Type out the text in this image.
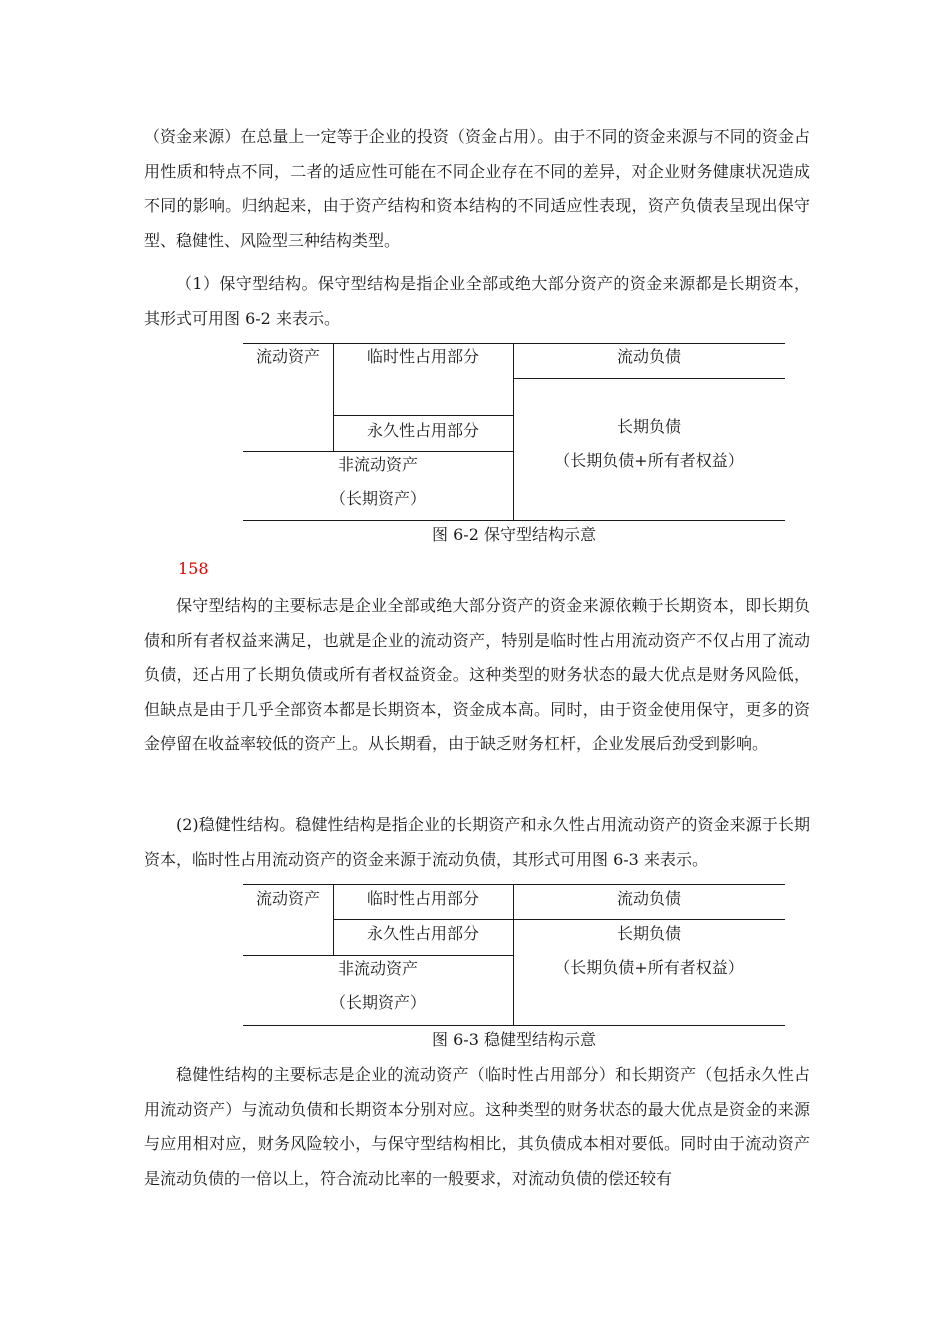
（资金来源）在总量上一定等于企业的投资（资金占用）。由于不同的资金来源与不同的资金占用性质和特点不同，二者的适应性可能在不同企业存在不同的差异，对企业财务健康状况造成不同的影响。归纳起来，由于资产结构和资本结构的不同适应性表现，资产负债表呈现出保守型、稳健性、风险型三种结构类型。

（1）保守型结构。保守型结构是指企业全部或绝大部分资产的资金来源都是长期资本，其形式可用图 6-2 来表示。

流动资产	临时性占用部分
永久性占用部分
非流动资产
（长期资产）
流动负债
长期负债
（长期负债+所有者权益）
图 6-2 保守型结构示意
158

保守型结构的主要标志是企业全部或绝大部分资产的资金来源依赖于长期资本，即长期负债和所有者权益来满足，也就是企业的流动资产，特别是临时性占用流动资产不仅占用了流动负债，还占用了长期负债或所有者权益资金。这种类型的财务状态的最大优点是财务风险低，但缺点是由于几乎全部资本都是长期资本，资金成本高。同时，由于资金使用保守，更多的资金停留在收益率较低的资产上。从长期看，由于缺乏财务杠杆，企业发展后劲受到影响。

(2)稳健性结构。稳健性结构是指企业的长期资产和永久性占用流动资产的资金来源于长期资本，临时性占用流动资产的资金来源于流动负债，其形式可用图 6-3 来表示。

流动资产	临时性占用部分
永久性占用部分
非流动资产
（长期资产）
流动负债
长期负债
（长期负债+所有者权益）
图 6-3 稳健型结构示意

稳健性结构的主要标志是企业的流动资产（临时性占用部分）和长期资产（包括永久性占用流动资产）与流动负债和长期资本分别对应。这种类型的财务状态的最大优点是资金的来源与应用相对应，财务风险较小，与保守型结构相比，其负债成本相对要低。同时由于流动资产是流动负债的一倍以上，符合流动比率的一般要求，对流动负债的偿还较有
